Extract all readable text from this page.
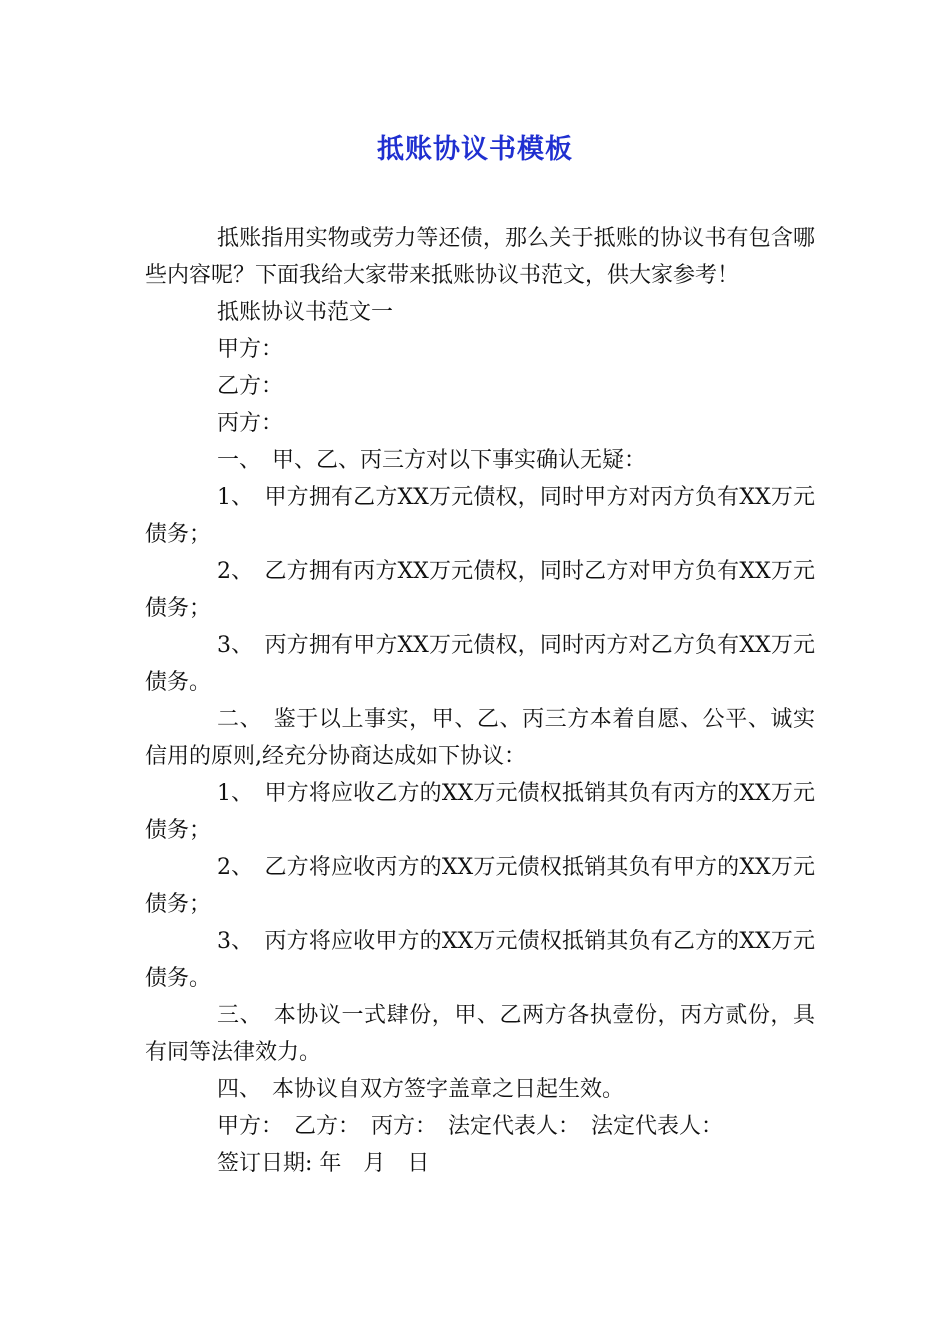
抵账协议书模板

抵账指用实物或劳力等还债，那么关于抵账的协议书有包含哪些内容呢？下面我给大家带来抵账协议书范文，供大家参考！

抵账协议书范文一

甲方：

乙方：

丙方：

一、　甲、乙、丙三方对以下事实确认无疑：

1、　甲方拥有乙方XX万元债权，同时甲方对丙方负有XX万元债务；

2、　乙方拥有丙方XX万元债权，同时乙方对甲方负有XX万元债务；

3、　丙方拥有甲方XX万元债权，同时丙方对乙方负有XX万元债务。

二、　鉴于以上事实，甲、乙、丙三方本着自愿、公平、诚实信用的原则,经充分协商达成如下协议：

1、　甲方将应收乙方的XX万元债权抵销其负有丙方的XX万元债务；

2、　乙方将应收丙方的XX万元债权抵销其负有甲方的XX万元债务；

3、　丙方将应收甲方的XX万元债权抵销其负有乙方的XX万元债务。

三、　本协议一式肆份，甲、乙两方各执壹份，丙方贰份，具有同等法律效力。

四、　本协议自双方签字盖章之日起生效。

甲方：　乙方：　丙方：　法定代表人：　法定代表人：

签订日期: 年　月　日
